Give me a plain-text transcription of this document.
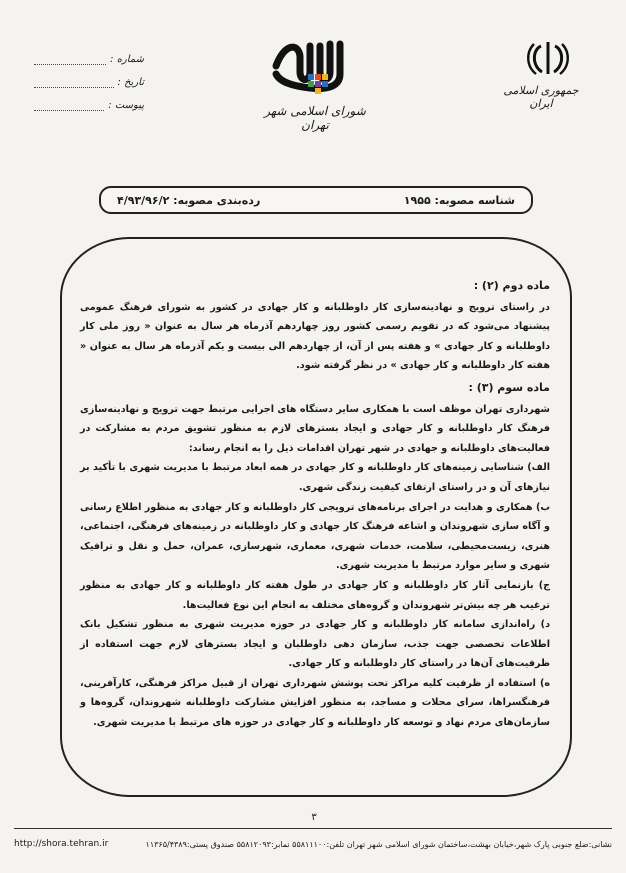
شماره :
تاریخ :
پیوست :	شورای اسلامی شهر تهران
جمهوری اسلامی ایران
شناسه مصوبه: ۱۹۵۵
رده‌بندی مصوبه: ۴/۹۳/۹۶/۲

ماده دوم (۲) :

در راستای ترویج و نهادینه‌سازی کار داوطلبانه و کار جهادی در کشور به شورای فرهنگ عمومی پیشنهاد می‌شود که در تقویم رسمی کشور روز چهاردهم آذرماه هر سال به عنوان « روز ملی کار داوطلبانه و کار جهادی » و هفته پس از آن، از چهاردهم الی بیست و یکم آذرماه هر سال به عنوان « هفته کار داوطلبانه و کار جهادی » در نظر گرفته شود.

ماده سوم (۳) :

شهرداری تهران موظف است با همکاری سایر دستگاه های اجرایی مرتبط جهت ترویج و نهادینه‌سازی فرهنگ کار داوطلبانه و کار جهادی و ایجاد بسترهای لازم به منظور تشویق مردم به مشارکت در فعالیت‌های داوطلبانه و جهادی در شهر تهران اقدامات ذیل را به انجام رساند:

الف) شناسایی زمینه‌های کار داوطلبانه و کار جهادی در همه ابعاد مرتبط با مدیریت شهری با تأکید بر نیازهای آن و در راستای ارتقای کیفیت زندگی شهری.

ب) همکاری و هدایت در اجرای برنامه‌های ترویجی کار داوطلبانه و کار جهادی به منظور اطلاع رسانی و آگاه سازی شهروندان و اشاعه فرهنگ کار جهادی و کار داوطلبانه در زمینه‌های فرهنگی، اجتماعی، هنری، زیست‌محیطی، سلامت، خدمات شهری، معماری، شهرسازی، عمران، حمل و نقل و ترافیک شهری و سایر موارد مرتبط با مدیریت شهری.

ج) بازنمایی آثار کار داوطلبانه و کار جهادی در طول هفته کار داوطلبانه و کار جهادی به منظور ترغیب هر چه بیش‌تر شهروندان و گروه‌های مختلف به انجام این نوع فعالیت‌ها.

د) راه‌اندازی سامانه کار داوطلبانه و کار جهادی در حوزه مدیریت شهری به منظور تشکیل بانک اطلاعات تخصصی جهت جذب، سازمان دهی داوطلبان و ایجاد بسترهای لازم جهت استفاده از ظرفیت‌های آن‌ها در راستای کار داوطلبانه و کار جهادی.

ه) استفاده از ظرفیت کلیه مراکز تحت پوشش شهرداری تهران از قبیل مراکز فرهنگی، کارآفرینی، فرهنگسراها، سرای محلات و مساجد، به منظور افزایش مشارکت داوطلبانه شهروندان، گروه‌ها و سازمان‌های مردم نهاد و توسعه کار داوطلبانه و کار جهادی در حوزه های مرتبط با مدیریت شهری.

۳
http://shora.tehran.ir	نشانی:ضلع جنوبی پارک شهر،خیابان بهشت،ساختمان شورای اسلامی شهر تهران تلفن:۵۵۸۱۱۱۰۰ نمابر:۵۵۸۱۲۰۹۳ صندوق پستی:۱۱۳۶۵/۴۳۸۹
